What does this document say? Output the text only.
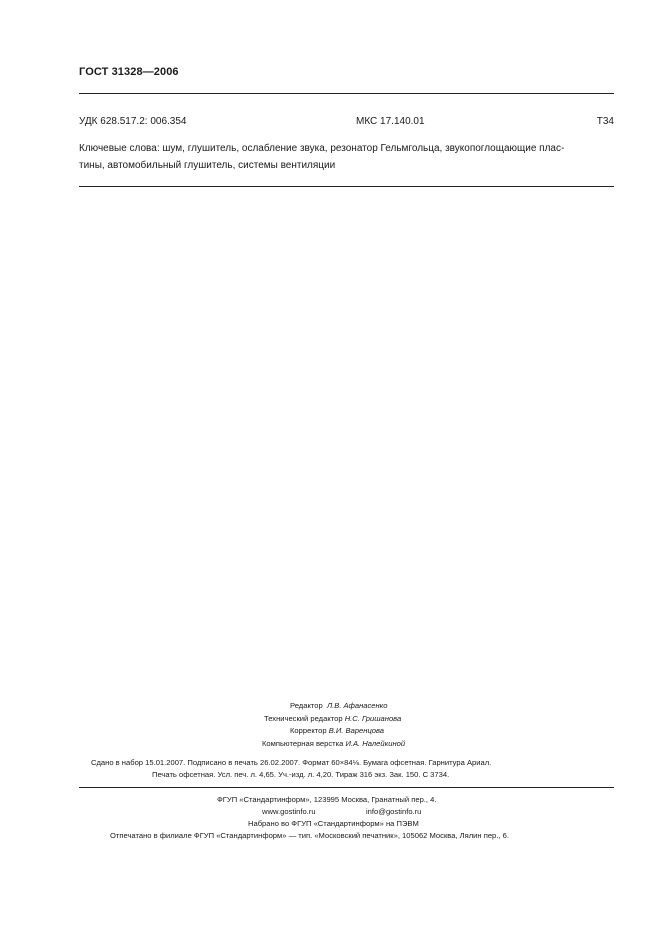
ГОСТ 31328—2006
УДК 628.517.2: 006.354	МКС 17.140.01	Т34
Ключевые слова: шум, глушитель, ослабление звука, резонатор Гельмгольца, звукопоглощающие плас-
тины, автомобильный глушитель, системы вентиляции
Редактор Л.В. Афанасенко
Технический редактор Н.С. Гришанова
Корректор В.И. Варенцова
Компьютерная верстка И.А. Налейкиной
Сдано в набор 15.01.2007. Подписано в печать 26.02.2007. Формат 60×84⅛. Бумага офсетная. Гарнитура Ариал.
Печать офсетная. Усл. печ. л. 4,65. Уч.-изд. л. 4,20. Тираж 316 экз. Зак. 150. С 3734.
ФГУП «Стандартинформ», 123995 Москва, Гранатный пер., 4.
www.gostinfo.ru	info@gostinfo.ru
Набрано во ФГУП «Стандартинформ» на ПЭВМ
Отпечатано в филиале ФГУП «Стандартинформ» — тип. «Московский печатник», 105062 Москва, Лялин пер., 6.
